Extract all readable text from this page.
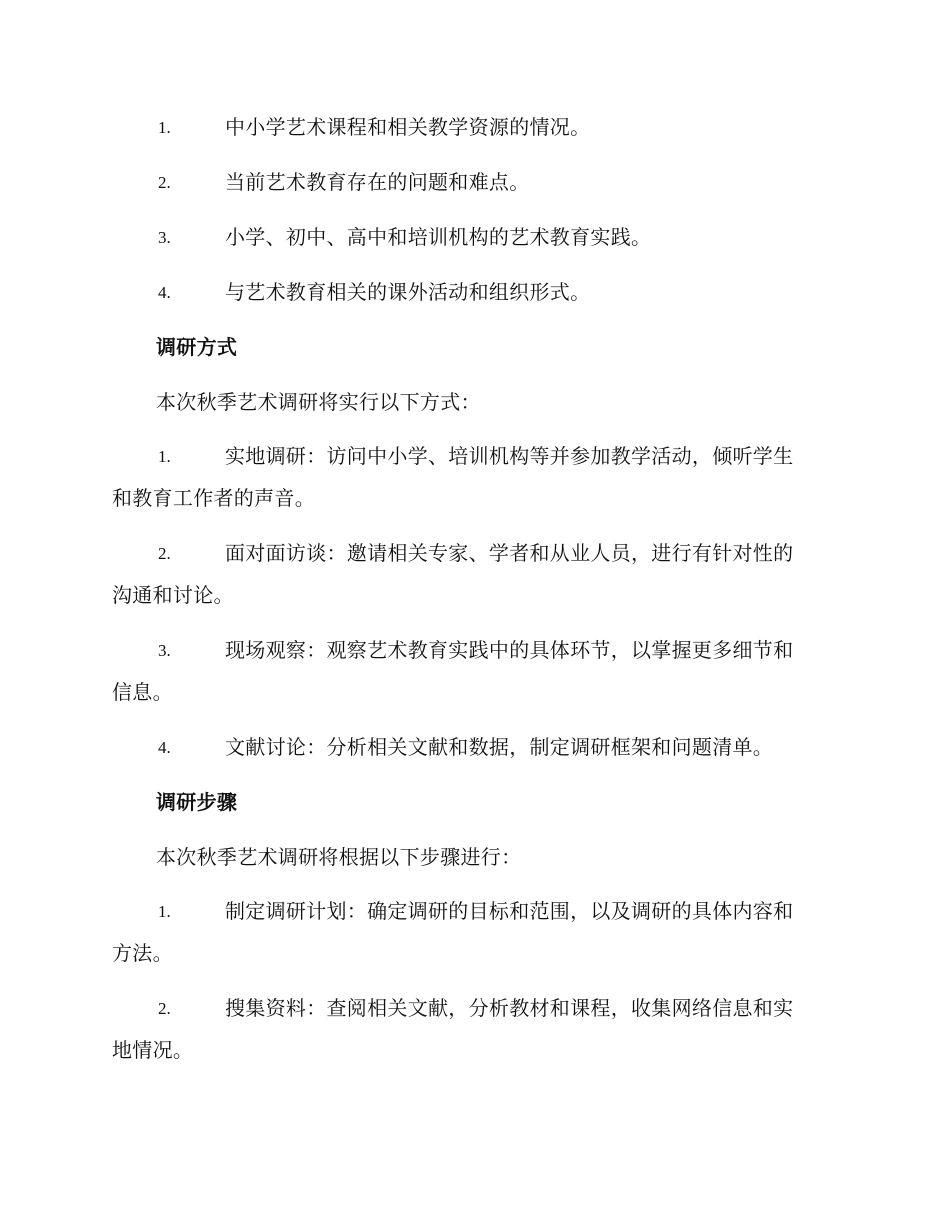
1.	中小学艺术课程和相关教学资源的情况。
2.	当前艺术教育存在的问题和难点。
3.	小学、初中、高中和培训机构的艺术教育实践。
4.	与艺术教育相关的课外活动和组织形式。
调研方式
本次秋季艺术调研将实行以下方式：
1.	实地调研：访问中小学、培训机构等并参加教学活动，倾听学生
和教育工作者的声音。
2.	面对面访谈：邀请相关专家、学者和从业人员，进行有针对性的
沟通和讨论。
3.	现场观察：观察艺术教育实践中的具体环节，以掌握更多细节和
信息。
4.	文献讨论：分析相关文献和数据，制定调研框架和问题清单。
调研步骤
本次秋季艺术调研将根据以下步骤进行：
1.	制定调研计划：确定调研的目标和范围，以及调研的具体内容和
方法。
2.	搜集资料：查阅相关文献，分析教材和课程，收集网络信息和实
地情况。
